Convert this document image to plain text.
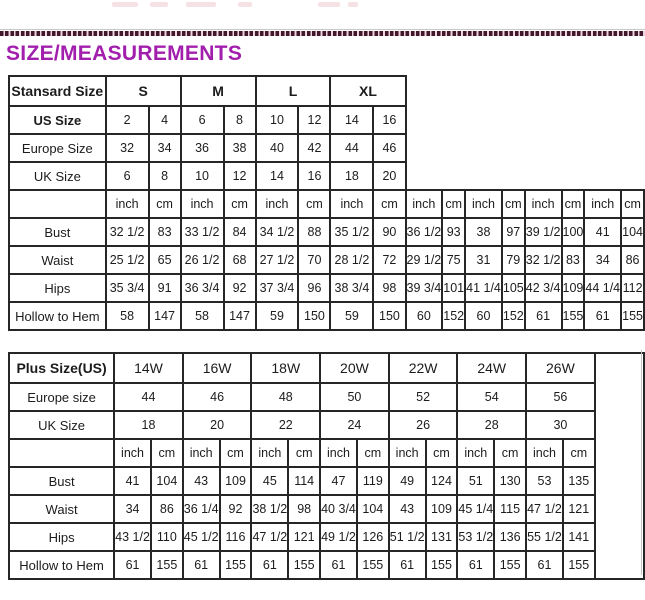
SIZE/MEASUREMENTS
Stansard Size	S		M		L		XL									
US Size	2	4	6	8	10	12	14	16								
Europe Size	32	34	36	38	40	42	44	46								
UK Size	6	8	10	12	14	16	18	20								
	inch	cm	inch	cm	inch	cm	inch	cm	inch	cm	inch	cm	inch	cm	inch	cm
Bust	32 1/2	83	33 1/2	84	34 1/2	88	35 1/2	90	36 1/2	93	38	97	39 1/2	100	41	104
Waist	25 1/2	65	26 1/2	68	27 1/2	70	28 1/2	72	29 1/2	75	31	79	32 1/2	83	34	86
Hips	35 3/4	91	36 3/4	92	37 3/4	96	38 3/4	98	39 3/4	101	41 1/4	105	42 3/4	109	44 1/4	112
Hollow to Hem	58	147	58	147	59	150	59	150	60	152	60	152	61	155	61	155
Plus Size(US)	14W		16W		18W		20W		22W		24W		26W		
Europe size	44		46		48		50		52		54		56		
UK Size	18		20		22		24		26		28		30		
	inch	cm	inch	cm	inch	cm	inch	cm	inch	cm	inch	cm	inch	cm	
Bust	41	104	43	109	45	114	47	119	49	124	51	130	53	135	
Waist	34	86	36 1/4	92	38 1/2	98	40 3/4	104	43	109	45 1/4	115	47 1/2	121	
Hips	43 1/2	110	45 1/2	116	47 1/2	121	49 1/2	126	51 1/2	131	53 1/2	136	55 1/2	141	
Hollow to Hem	61	155	61	155	61	155	61	155	61	155	61	155	61	155	
